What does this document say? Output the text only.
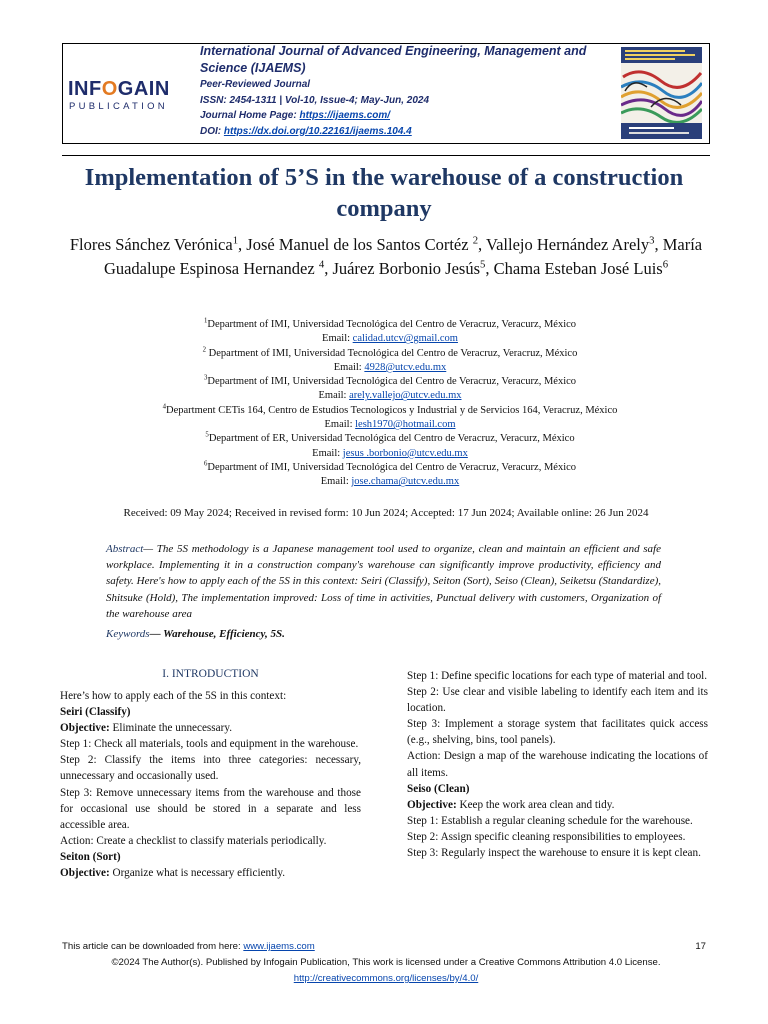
INFOGAIN
PUBLICATION
International Journal of Advanced Engineering, Management and Science (IJAEMS)
Peer-Reviewed Journal
ISSN: 2454-1311 | Vol-10, Issue-4; May-Jun, 2024
Journal Home Page: https://ijaems.com/
DOI: https://dx.doi.org/10.22161/ijaems.104.4
Implementation of 5’S in the warehouse of a construction company
Flores Sánchez Verónica$^1$, José Manuel de los Santos Cortéz $^2$, Vallejo Hernández Arely$^3$, María Guadalupe Espinosa Hernandez $^4$, Juárez Borbonio Jesús$^5$, Chama Esteban José Luis$^6$
$^1$Department of IMI, Universidad Tecnológica del Centro de Veracruz, Veracurz, México
Email: calidad.utcv@gmail.com
$^2$ Department of IMI, Universidad Tecnológica del Centro de Veracruz, Veracruz, México
Email: 4928@utcv.edu.mx
$^3$Department of IMI, Universidad Tecnológica del Centro de Veracruz, Veracurz, México
Email: arely.vallejo@utcv.edu.mx
$^4$Department CETis 164, Centro de Estudios Tecnologicos y Industrial y de Servicios 164, Veracruz, México
Email: lesh1970@hotmail.com
$^5$Department of ER, Universidad Tecnológica del Centro de Veracruz, Veracurz, México
Email: jesus .borbonio@utcv.edu.mx
$^6$Department of IMI, Universidad Tecnológica del Centro de Veracruz, Veracurz, México
Email: jose.chama@utcv.edu.mx
Received: 09 May 2024; Received in revised form: 10 Jun 2024; Accepted: 17 Jun 2024; Available online: 26 Jun 2024
Abstract— The 5S methodology is a Japanese management tool used to organize, clean and maintain an efficient and safe workplace. Implementing it in a construction company's warehouse can significantly improve productivity, efficiency and safety. Here's how to apply each of the 5S in this context: Seiri (Classify), Seiton (Sort), Seiso (Clean), Seiketsu (Standardize), Shitsuke (Hold), The implementation improved: Loss of time in activities, Punctual delivery with customers, Organization of the warehouse area
Keywords— Warehouse, Efficiency, 5S.
I. INTRODUCTION

Here’s how to apply each of the 5S in this context:

Seiri (Classify)

Objective: Eliminate the unnecessary.

Step 1: Check all materials, tools and equipment in the warehouse.

Step 2: Classify the items into three categories: necessary, unnecessary and occasionally used.

Step 3: Remove unnecessary items from the warehouse and those for occasional use should be stored in a separate and less accessible area.

Action: Create a checklist to classify materials periodically.

Seiton (Sort)

Objective: Organize what is necessary efficiently.

Step 1: Define specific locations for each type of material and tool.

Step 2: Use clear and visible labeling to identify each item and its location.

Step 3: Implement a storage system that facilitates quick access (e.g., shelving, bins, tool panels).

Action: Design a map of the warehouse indicating the locations of all items.

Seiso (Clean)

Objective: Keep the work area clean and tidy.

Step 1: Establish a regular cleaning schedule for the warehouse.

Step 2: Assign specific cleaning responsibilities to employees.

Step 3: Regularly inspect the warehouse to ensure it is kept clean.

This article can be downloaded from here: www.ijaems.com	17
©2024 The Author(s). Published by Infogain Publication, This work is licensed under a Creative Commons Attribution 4.0 License.
http://creativecommons.org/licenses/by/4.0/
